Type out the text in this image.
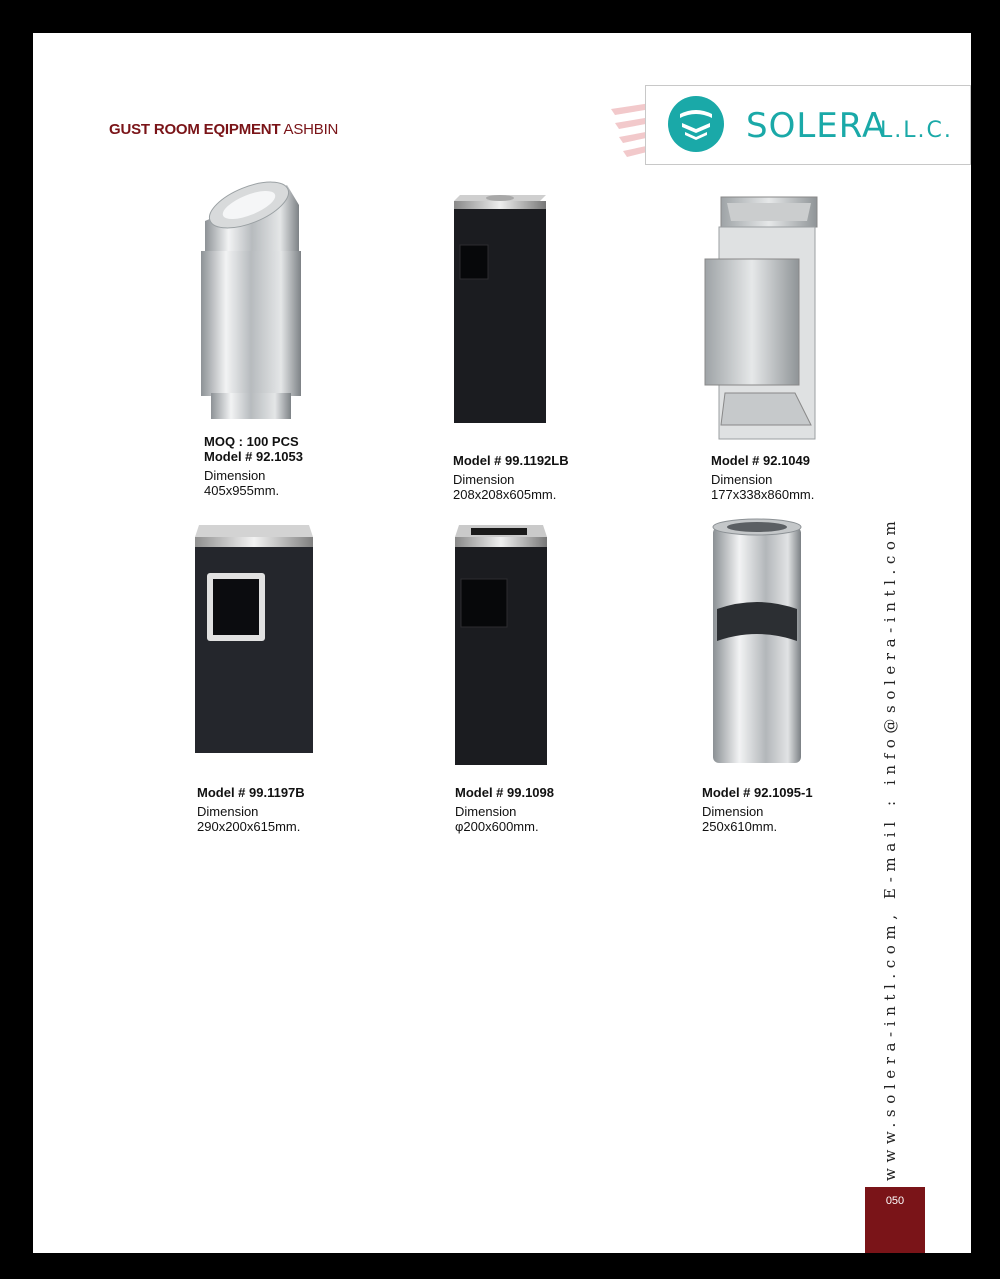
GUST ROOM EQIPMENT ASHBIN	SOLERA
L.L.C.
MOQ : 100 PCS
Model # 92.1053
Dimension
405x955mm.
Model # 99.1192LB
Dimension
208x208x605mm.
Model # 92.1049
Dimension
177x338x860mm.
Model # 99.1197B
Dimension
290x200x615mm.
Model # 99.1098
Dimension
φ200x600mm.
Model # 92.1095-1
Dimension
250x610mm.	www.solera-intl.com, E-mail : info@solera-intl.com
050
